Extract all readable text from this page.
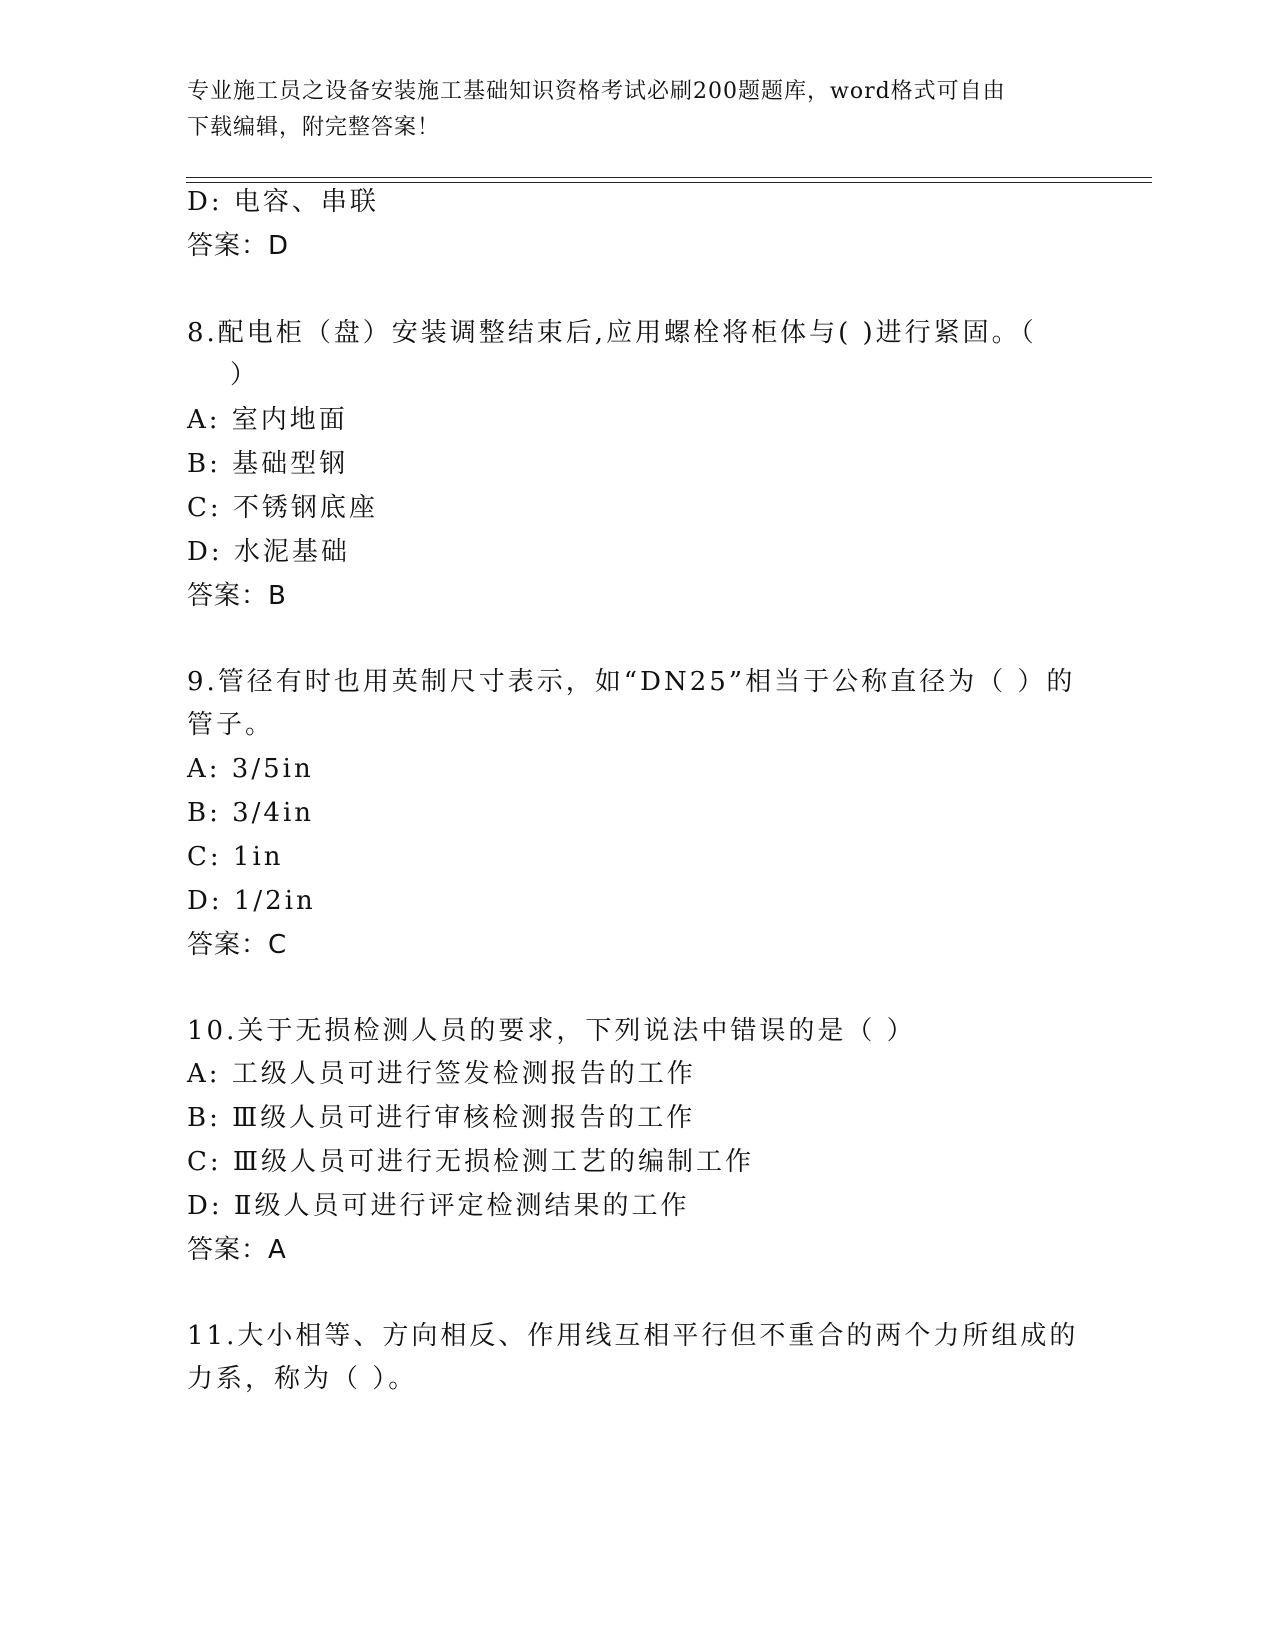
专业施工员之设备安装施工基础知识资格考试必刷200题题库，word格式可自由
下载编辑，附完整答案！
D: 电容、串联
答案：D
8.配电柜（盘）安装调整结束后,应用螺栓将柜体与( )进行紧固。（
）
A: 室内地面
B: 基础型钢
C: 不锈钢底座
D: 水泥基础
答案：B
9.管径有时也用英制尺寸表示，如“DN25”相当于公称直径为（ ）的
管子。
A: 3/5in
B: 3/4in
C: 1in
D: 1/2in
答案：C
10.关于无损检测人员的要求，下列说法中错误的是（ ）
A: 工级人员可进行签发检测报告的工作
B: Ⅲ级人员可进行审核检测报告的工作
C: Ⅲ级人员可进行无损检测工艺的编制工作
D: Ⅱ级人员可进行评定检测结果的工作
答案：A
11.大小相等、方向相反、作用线互相平行但不重合的两个力所组成的
力系，称为（ ）。
